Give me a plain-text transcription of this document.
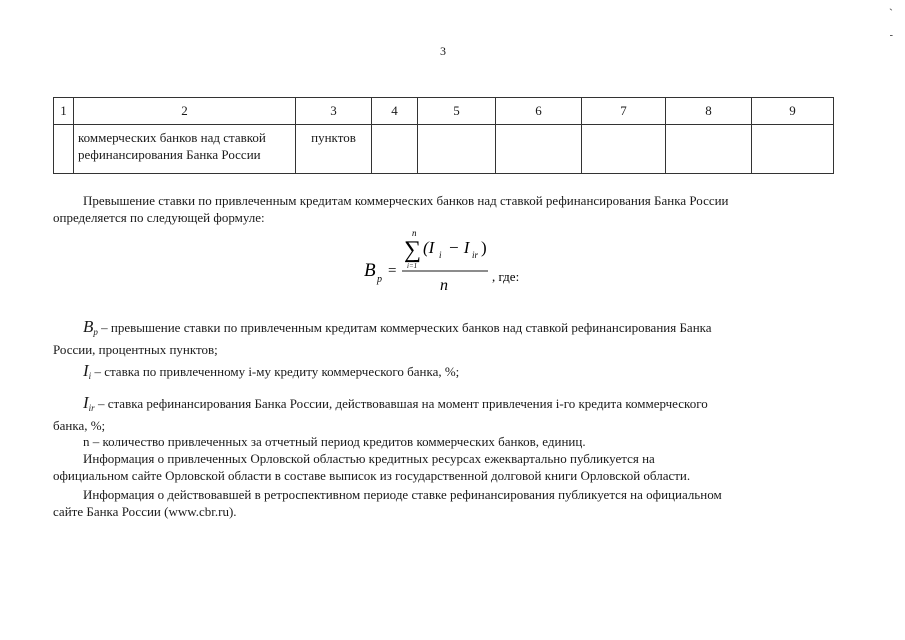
3
`
-
1	2	3	4	5	6	7	8	9

	коммерческих банков над ставкой
рефинансирования Банка России	пунктов						
Превышение ставки по привлеченным кредитам коммерческих банков над ставкой рефинансирования Банка России
определяется по следующей формуле:
B p
=
n
∑
i=1
(I i − I ir )
n
, где:
$B_p$ – превышение ставки по привлеченным кредитам коммерческих банков над ставкой рефинансирования Банка
России, процентных пунктов;
$I_i$ – ставка по привлеченному i-му кредиту коммерческого банка, %;
$I_{ir}$ – ставка рефинансирования Банка России, действовавшая на момент привлечения i-го кредита коммерческого
банка, %;
n – количество привлеченных за отчетный период кредитов коммерческих банков, единиц.
Информация о привлеченных Орловской областью кредитных ресурсах ежеквартально публикуется на
официальном сайте Орловской области в составе выписок из государственной долговой книги Орловской области.
Информация о действовавшей в ретроспективном периоде ставке рефинансирования публикуется на официальном
сайте Банка России (www.cbr.ru).
